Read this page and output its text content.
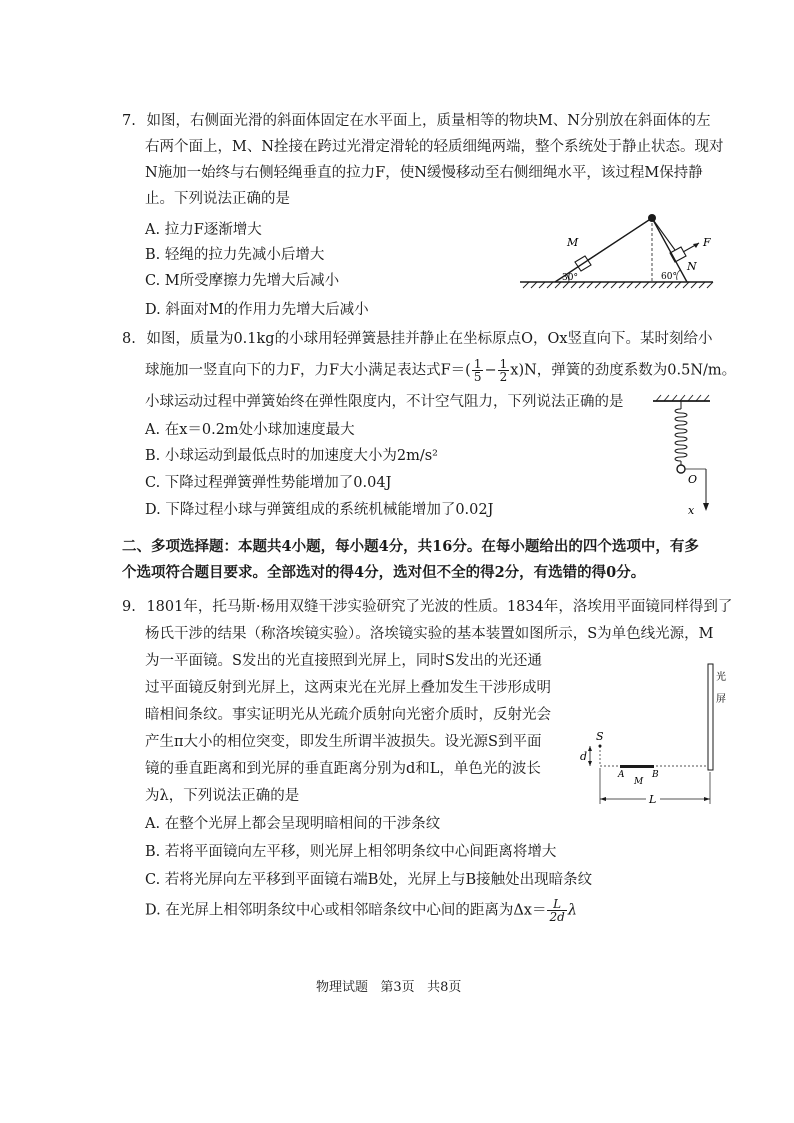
7. 如图，右侧面光滑的斜面体固定在水平面上，质量相等的物块M、N分别放在斜面体的左
右两个面上，M、N拴接在跨过光滑定滑轮的轻质细绳两端，整个系统处于静止状态。现对
N施加一始终与右侧轻绳垂直的拉力F，使N缓慢移动至右侧细绳水平，该过程M保持静
止。下列说法正确的是
A. 拉力F逐渐增大
B. 轻绳的拉力先减小后增大
C. M所受摩擦力先增大后减小
D. 斜面对M的作用力先增大后减小
M
N
F
30°	60°
8. 如图，质量为0.1kg的小球用轻弹簧悬挂并静止在坐标原点O，Ox竖直向下。某时刻给小
球施加一竖直向下的力F，力F大小满足表达式$F=( \frac{1}{5} - \frac{1}{2} x)N$，弹簧的劲度系数为0.5N/m。
小球运动过程中弹簧始终在弹性限度内，不计空气阻力，下列说法正确的是
A. 在x＝0.2m处小球加速度最大
B. 小球运动到最低点时的加速度大小为2m/s²
C. 下降过程弹簧弹性势能增加了0.04J
D. 下降过程小球与弹簧组成的系统机械能增加了0.02J
O
x
二、多项选择题：本题共4小题，每小题4分，共16分。在每小题给出的四个选项中，有多
个选项符合题目要求。全部选对的得4分，选对但不全的得2分，有选错的得0分。
9. 1801年，托马斯·杨用双缝干涉实验研究了光波的性质。1834年，洛埃用平面镜同样得到了
杨氏干涉的结果（称洛埃镜实验）。洛埃镜实验的基本装置如图所示，S为单色线光源，M
为一平面镜。S发出的光直接照到光屏上，同时S发出的光还通
过平面镜反射到光屏上，这两束光在光屏上叠加发生干涉形成明
暗相间条纹。事实证明光从光疏介质射向光密介质时，反射光会
产生π大小的相位突变，即发生所谓半波损失。设光源S到平面
镜的垂直距离和到光屏的垂直距离分别为d和L，单色光的波长
为λ，下列说法正确的是
A. 在整个光屏上都会呈现明暗相间的干涉条纹
B. 若将平面镜向左平移，则光屏上相邻明条纹中心间距离将增大
C. 若将光屏向左平移到平面镜右端B处，光屏上与B接触处出现暗条纹
D. 在光屏上相邻明条纹中心或相邻暗条纹中心间的距离为$\Delta x= \frac{L}{2d}$ λ
光
屏
S
d
A	B
M
L
物理试题   第3页   共8页
